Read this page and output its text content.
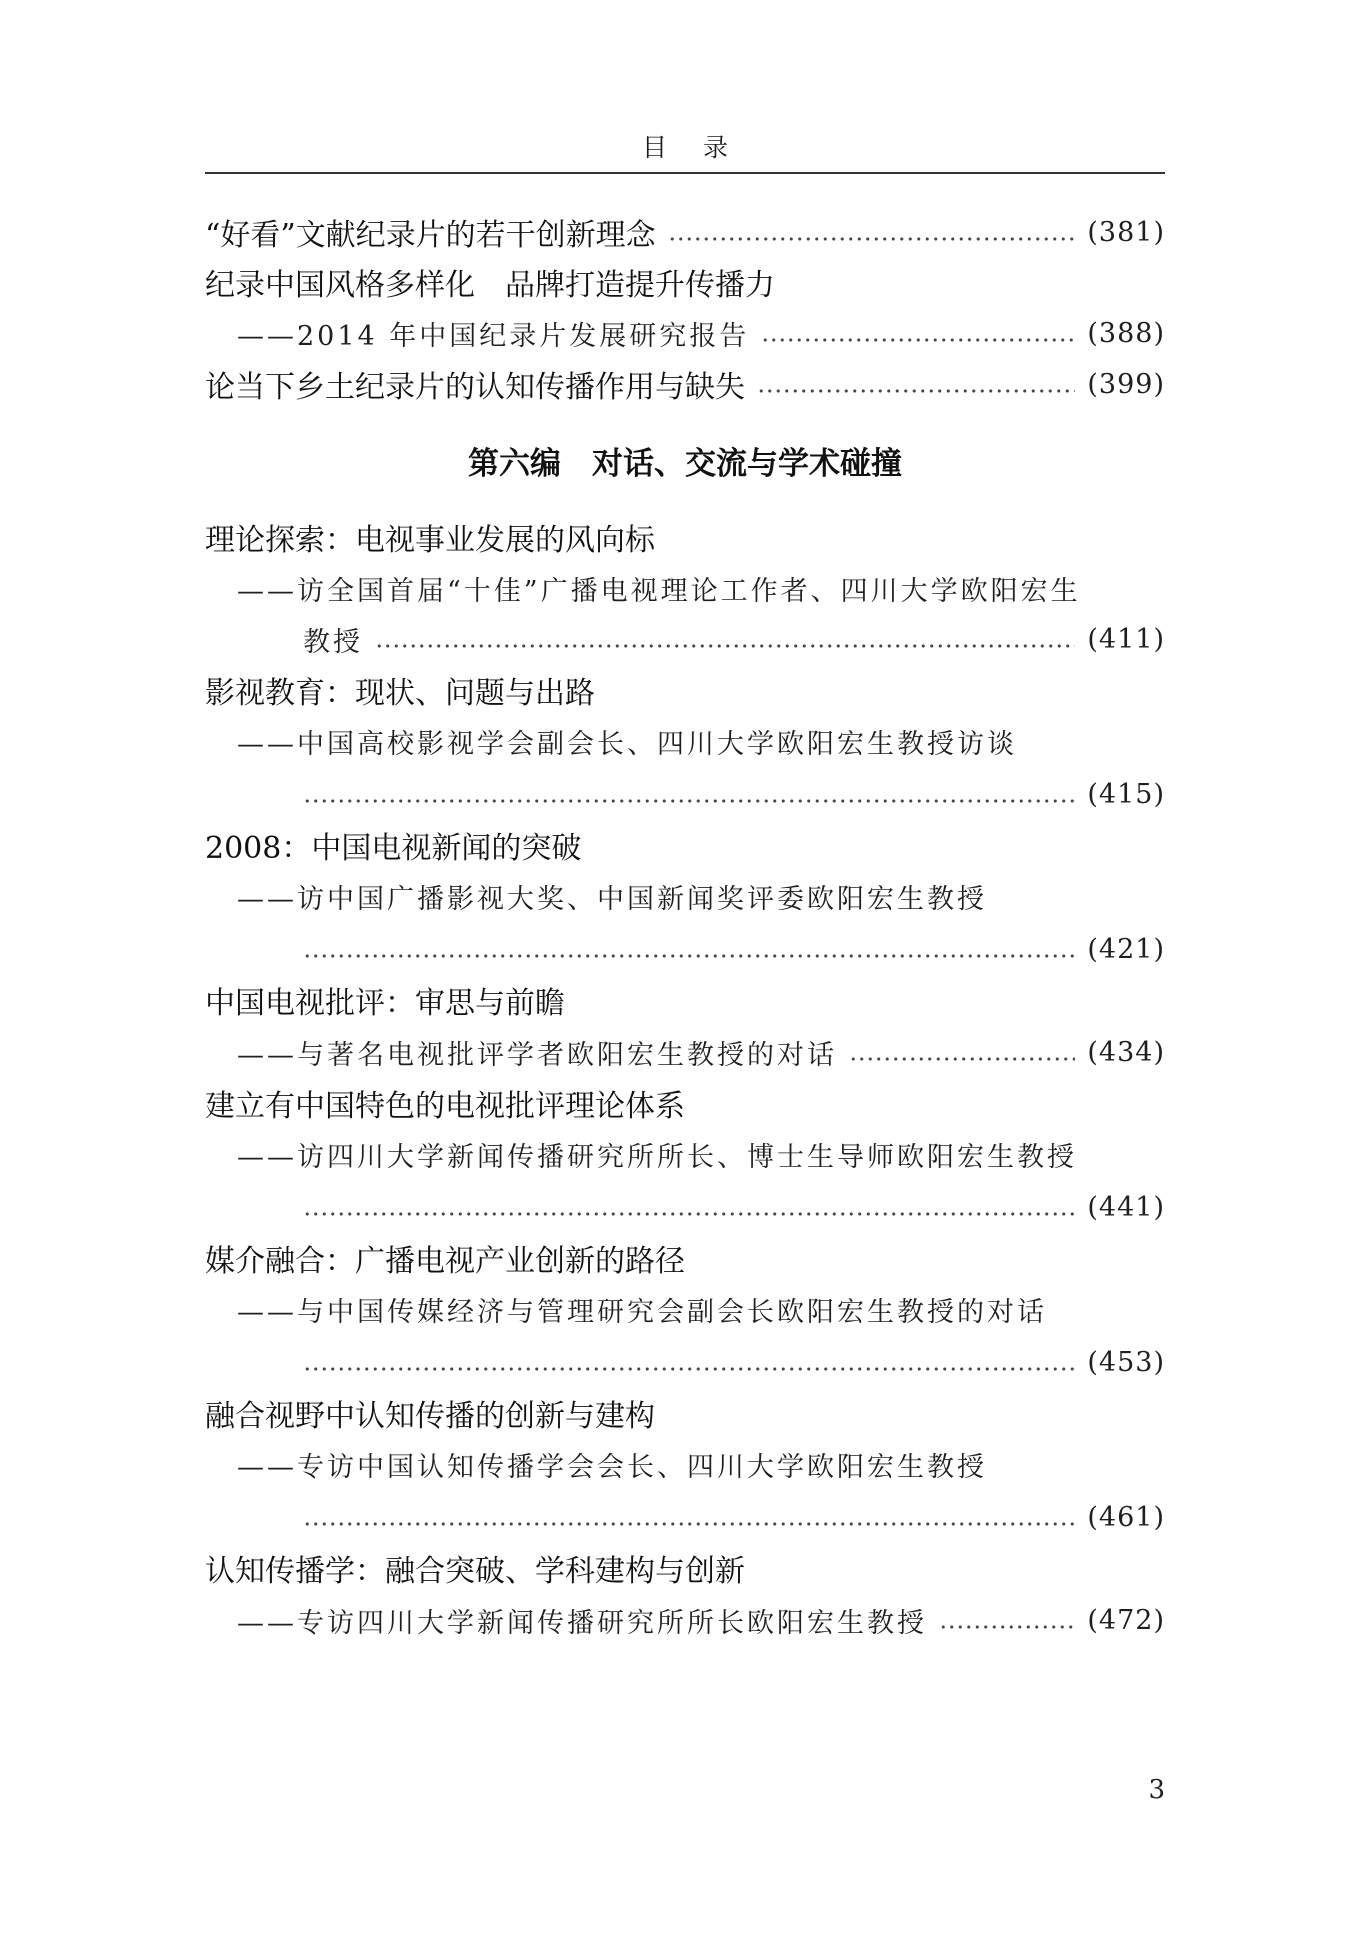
目录
“好看”文献纪录片的若干创新理念	(381)
纪录中国风格多样化　品牌打造提升传播力
——2014 年中国纪录片发展研究报告	(388)
论当下乡土纪录片的认知传播作用与缺失	(399)
第六编　对话、交流与学术碰撞
理论探索：电视事业发展的风向标
——访全国首届“十佳”广播电视理论工作者、四川大学欧阳宏生
教授	(411)
影视教育：现状、问题与出路
——中国高校影视学会副会长、四川大学欧阳宏生教授访谈
(415)
2008：中国电视新闻的突破
——访中国广播影视大奖、中国新闻奖评委欧阳宏生教授
(421)
中国电视批评：审思与前瞻
——与著名电视批评学者欧阳宏生教授的对话	(434)
建立有中国特色的电视批评理论体系
——访四川大学新闻传播研究所所长、博士生导师欧阳宏生教授
(441)
媒介融合：广播电视产业创新的路径
——与中国传媒经济与管理研究会副会长欧阳宏生教授的对话
(453)
融合视野中认知传播的创新与建构
——专访中国认知传播学会会长、四川大学欧阳宏生教授
(461)
认知传播学：融合突破、学科建构与创新
——专访四川大学新闻传播研究所所长欧阳宏生教授	(472)
3
